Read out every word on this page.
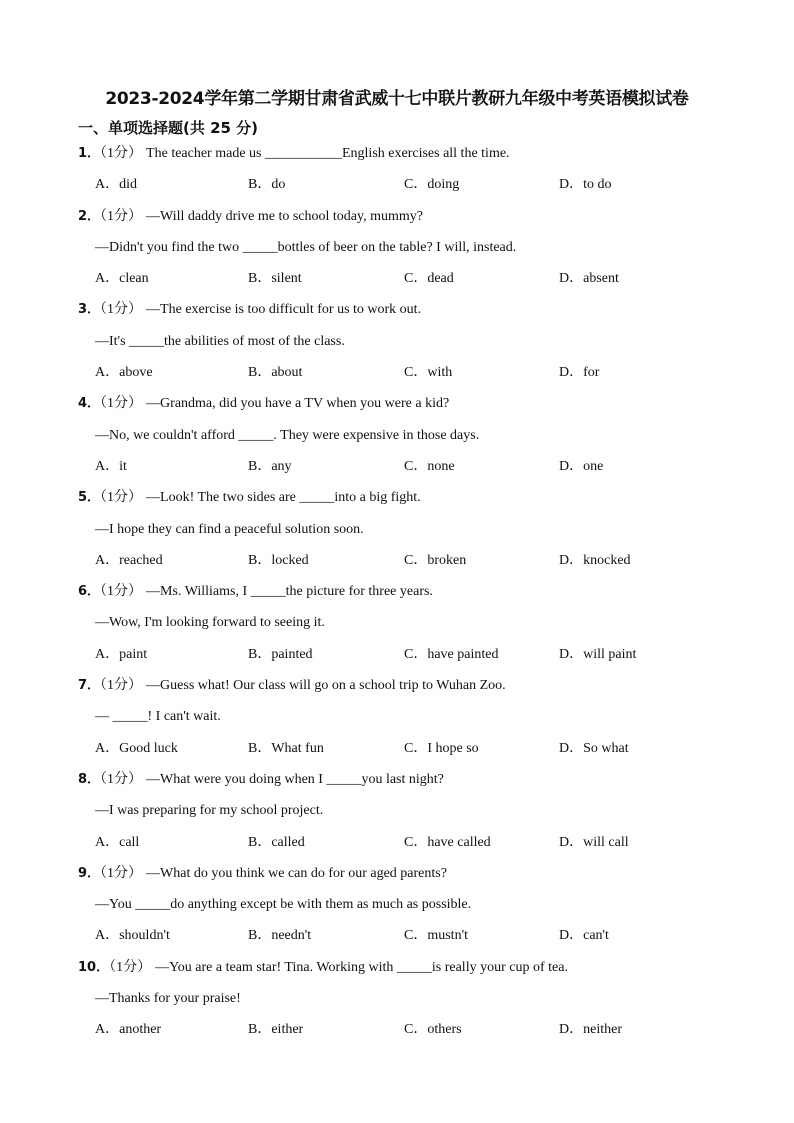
2023-2024学年第二学期甘肃省武威十七中联片教研九年级中考英语模拟试卷
一、单项选择题(共 25 分)
1．（1分） The teacher made us ___________English exercises all the time.
A．did	B．do	C．doing	D．to do
2．（1分） —Will daddy drive me to school today, mummy?
—Didn't you find the two _____bottles of beer on the table? I will, instead.
A．clean	B．silent	C．dead	D．absent
3．（1分） —The exercise is too difficult for us to work out.
—It's _____the abilities of most of the class.
A．above	B．about	C．with	D．for
4．（1分） —Grandma, did you have a TV when you were a kid?
—No, we couldn't afford _____. They were expensive in those days.
A．it	B．any	C．none	D．one
5．（1分） —Look! The two sides are _____into a big fight.
—I hope they can find a peaceful solution soon.
A．reached	B．locked	C．broken	D．knocked
6．（1分） —Ms. Williams, I _____the picture for three years.
—Wow, I'm looking forward to seeing it.
A．paint	B．painted	C．have painted	D．will paint
7．（1分） —Guess what! Our class will go on a school trip to Wuhan Zoo.
— _____! I can't wait.
A．Good luck	B．What fun	C．I hope so	D．So what
8．（1分） —What were you doing when I _____you last night?
—I was preparing for my school project.
A．call	B．called	C．have called	D．will call
9．（1分） —What do you think we can do for our aged parents?
—You _____do anything except be with them as much as possible.
A．shouldn't	B．needn't	C．mustn't	D．can't
10．（1分） —You are a team star! Tina. Working with _____is really your cup of tea.
—Thanks for your praise!
A．another	B．either	C．others	D．neither
